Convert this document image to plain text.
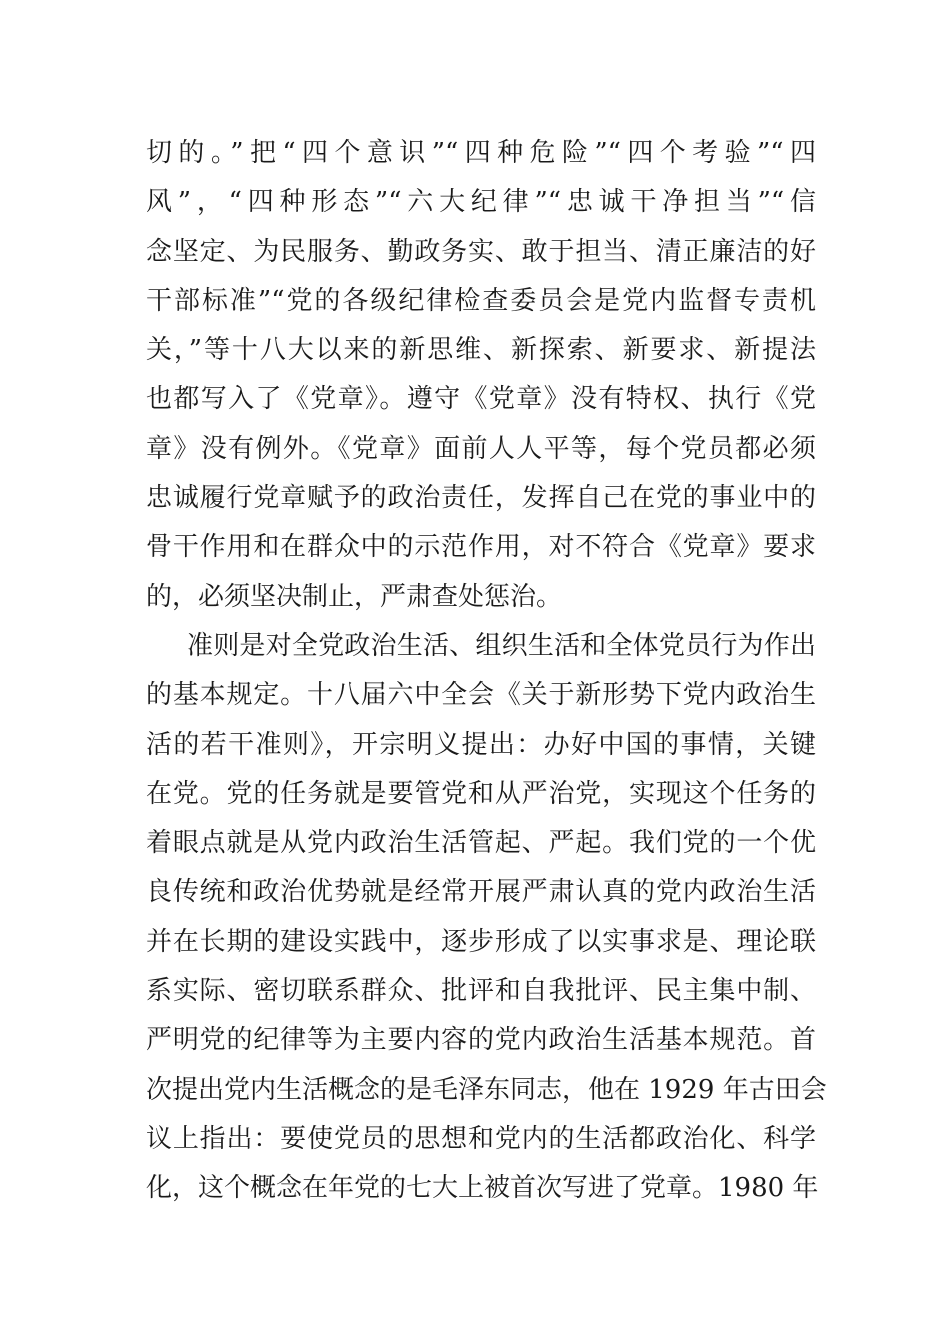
切的。”把“四个意识”“四种危险”“四个考验”“四
风”，“四种形态”“六大纪律”“忠诚干净担当”“信
念坚定、为民服务、勤政务实、敢于担当、清正廉洁的好
干部标准”“党的各级纪律检查委员会是党内监督专责机
关，”等十八大以来的新思维、新探索、新要求、新提法
也都写入了《党章》。遵守《党章》没有特权、执行《党
章》没有例外。《党章》面前人人平等，每个党员都必须
忠诚履行党章赋予的政治责任，发挥自己在党的事业中的
骨干作用和在群众中的示范作用，对不符合《党章》要求
的，必须坚决制止，严肃查处惩治。
准则是对全党政治生活、组织生活和全体党员行为作出
的基本规定。十八届六中全会《关于新形势下党内政治生
活的若干准则》，开宗明义提出：办好中国的事情，关键
在党。党的任务就是要管党和从严治党，实现这个任务的
着眼点就是从党内政治生活管起、严起。我们党的一个优
良传统和政治优势就是经常开展严肃认真的党内政治生活
并在长期的建设实践中，逐步形成了以实事求是、理论联
系实际、密切联系群众、批评和自我批评、民主集中制、
严明党的纪律等为主要内容的党内政治生活基本规范。首
次提出党内生活概念的是毛泽东同志，他在 1929 年古田会
议上指出：要使党员的思想和党内的生活都政治化、科学
化，这个概念在年党的七大上被首次写进了党章。1980 年
